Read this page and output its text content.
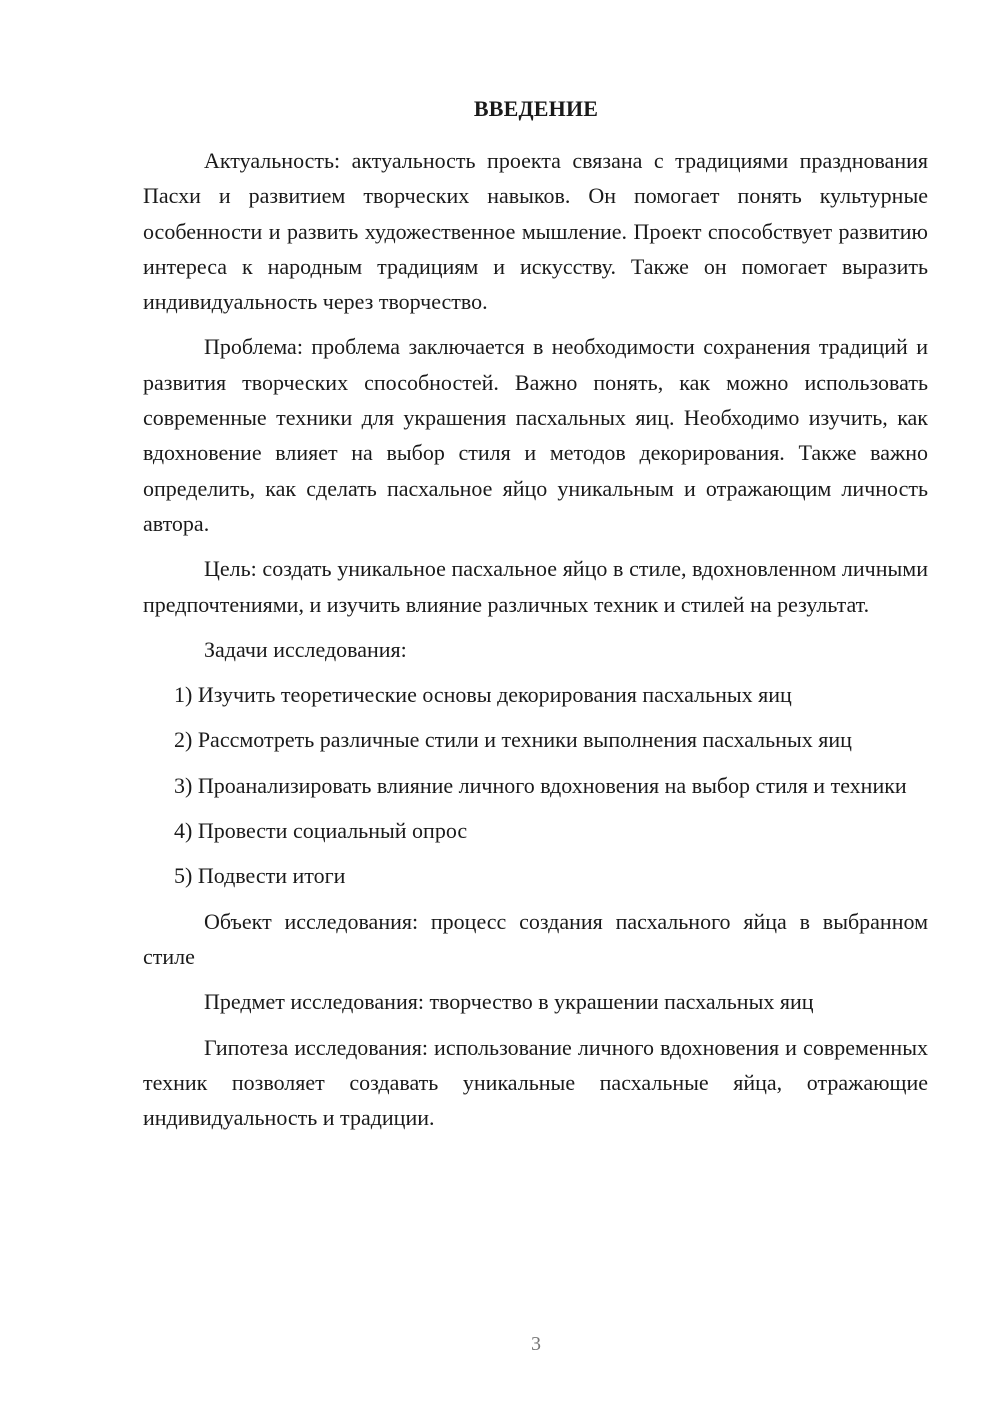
ВВЕДЕНИЕ

Актуальность: актуальность проекта связана с традициями празднования Пасхи и развитием творческих навыков. Он помогает понять культурные особенности и развить художественное мышление. Проект способствует развитию интереса к народным традициям и искусству. Также он помогает выразить индивидуальность через творчество.

Проблема: проблема заключается в необходимости сохранения традиций и развития творческих способностей. Важно понять, как можно использовать современные техники для украшения пасхальных яиц. Необходимо изучить, как вдохновение влияет на выбор стиля и методов декорирования. Также важно определить, как сделать пасхальное яйцо уникальным и отражающим личность автора.

Цель: создать уникальное пасхальное яйцо в стиле, вдохновленном личными предпочтениями, и изучить влияние различных техник и стилей на результат.

Задачи исследования:

1) Изучить теоретические основы декорирования пасхальных яиц

2) Рассмотреть различные стили и техники выполнения пасхальных яиц

3) Проанализировать влияние личного вдохновения на выбор стиля и техники

4) Провести социальный опрос

5) Подвести итоги

Объект исследования: процесс создания пасхального яйца в выбранном стиле

Предмет исследования: творчество в украшении пасхальных яиц

Гипотеза исследования: использование личного вдохновения и современных техник позволяет создавать уникальные пасхальные яйца, отражающие индивидуальность и традиции.

3
